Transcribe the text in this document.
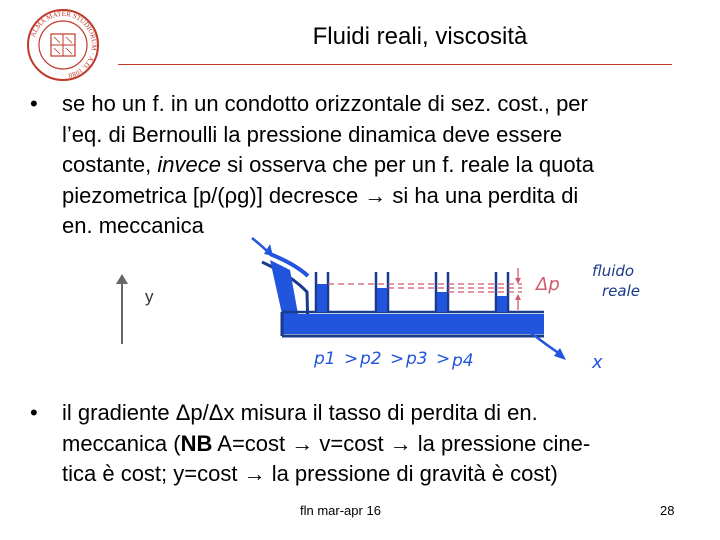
ALMA MATER STUDIORUM · A.D. 1088
Fluidi reali, viscosità
• se ho un f. in un condotto orizzontale di sez. cost., per
l’eq. di Bernoulli la pressione dinamica deve essere
costante, invece si osserva che per un f. reale la quota
piezometrica [p/(ρg)] decresce → si ha una perdita di
en. meccanica
y
Δp
fluido
reale
p1 > p2 > p3 > p4	x
• il gradiente Δp/Δx misura il tasso di perdita di en.
meccanica (NB A=cost → v=cost → la pressione cine-
tica è cost; y=cost → la pressione di gravità è cost)
fln mar-apr 16	28
